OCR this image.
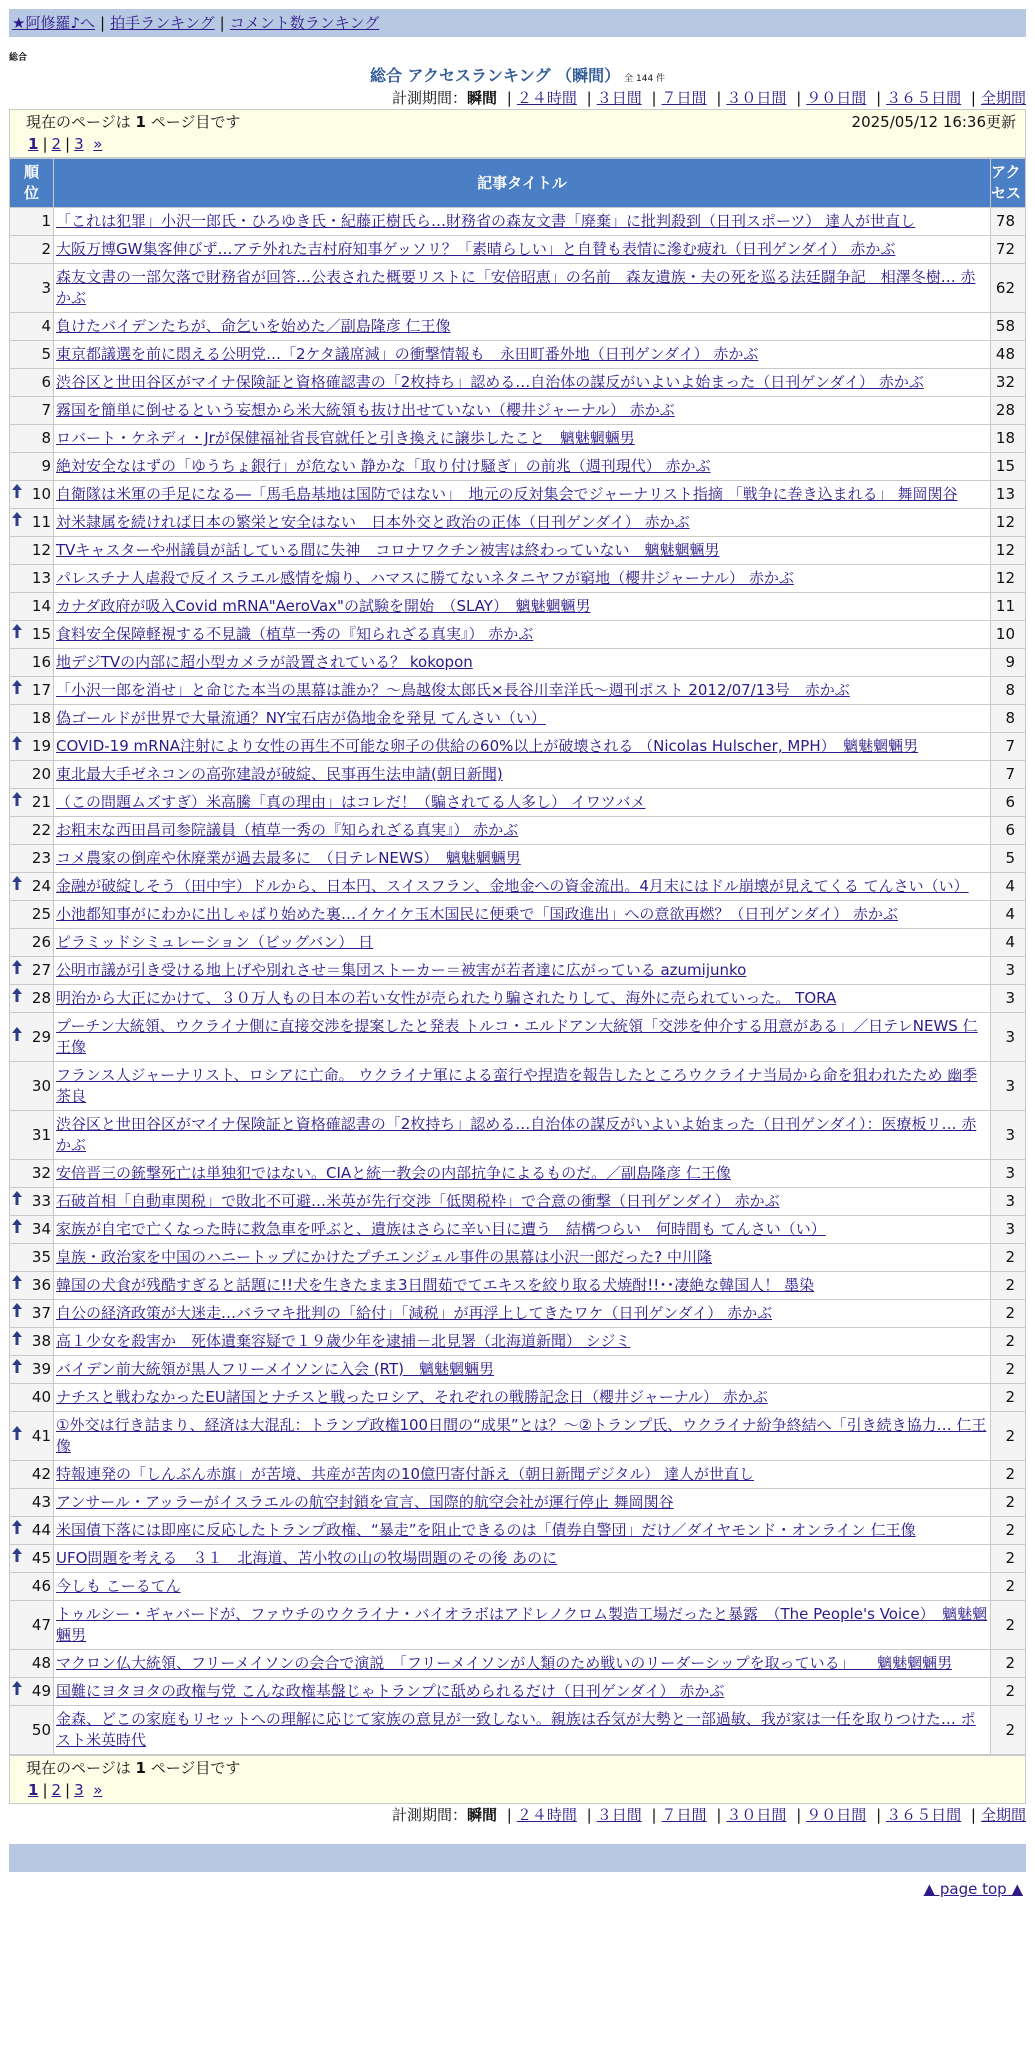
★阿修羅♪へ | 拍手ランキング | コメント数ランキング
総合
総合 アクセスランキング （瞬間） 全 144 件
計測期間：瞬間 | ２４時間 | ３日間 | ７日間 | ３０日間 | ９０日間 | ３６５日間 | 全期間
現在のページは 1 ページ目です	2025/05/12 16:36更新
1 | 2 | 3 »
順位	記事タイトル	アクセス
1	「これは犯罪」小沢一郎氏・ひろゆき氏・紀藤正樹氏ら…財務省の森友文書「廃棄」に批判殺到（日刊スポーツ） 達人が世直し	78
2	大阪万博GW集客伸びず…アテ外れた吉村府知事ゲッソリ？「素晴らしい」と自賛も表情に滲む疲れ（日刊ゲンダイ） 赤かぶ	72
3	森友文書の一部欠落で財務省が回答…公表された概要リストに「安倍昭恵」の名前　森友遺族・夫の死を巡る法廷闘争記　相澤冬樹… 赤かぶ	62
4	負けたバイデンたちが、命乞いを始めた／副島隆彦 仁王像	58
5	東京都議選を前に悶える公明党…「2ケタ議席減」の衝撃情報も　永田町番外地（日刊ゲンダイ） 赤かぶ	48
6	渋谷区と世田谷区がマイナ保険証と資格確認書の「2枚持ち」認める…自治体の謀反がいよいよ始まった（日刊ゲンダイ） 赤かぶ	32
7	霧国を簡単に倒せるという妄想から米大統領も抜け出せていない（櫻井ジャーナル） 赤かぶ	28
8	ロバート・ケネディ・Jrが保健福祉省長官就任と引き換えに譲歩したこと　魑魅魍魎男	18
9	絶対安全なはずの「ゆうちょ銀行」が危ない 静かな「取り付け騒ぎ」の前兆（週刊現代） 赤かぶ	15

10	自衛隊は米軍の手足になる―「馬毛島基地は国防ではない」　地元の反対集会でジャーナリスト指摘 「戦争に巻き込まれる」 舞岡関谷	13

11	対米隷属を続ければ日本の繁栄と安全はない　日本外交と政治の正体（日刊ゲンダイ） 赤かぶ	12
12	TVキャスターや州議員が話している間に失神　コロナワクチン被害は終わっていない　魑魅魍魎男	12
13	パレスチナ人虐殺で反イスラエル感情を煽り、ハマスに勝てないネタニヤフが窮地（櫻井ジャーナル） 赤かぶ	12
14	カナダ政府が吸入Covid mRNA"AeroVax"の試験を開始　（SLAY）　魑魅魍魎男	11

15	食料安全保障軽視する不見識（植草一秀の『知られざる真実』） 赤かぶ	10
16	地デジTVの内部に超小型カメラが設置されている？ kokopon	9

17	「小沢一郎を消せ」と命じた本当の黒幕は誰か？～鳥越俊太郎氏×長谷川幸洋氏～週刊ポスト 2012/07/13号　赤かぶ	8
18	偽ゴールドが世界で大量流通？NY宝石店が偽地金を発見 てんさい（い）	8

19	COVID-19 mRNA注射により女性の再生不可能な卵子の供給の60%以上が破壊される （Nicolas Hulscher, MPH）　魑魅魍魎男	7
20	東北最大手ゼネコンの高弥建設が破綻、民事再生法申請(朝日新聞)	7

21	（この問題ムズすぎ）米高騰「真の理由」はコレだ！（騙されてる人多し） イワツバメ	6
22	お粗末な西田昌司参院議員（植草一秀の『知られざる真実』） 赤かぶ	6
23	コメ農家の倒産や休廃業が過去最多に　（日テレNEWS）　魑魅魍魎男	5

24	金融が破綻しそう（田中宇）ドルから、日本円、スイスフラン、金地金への資金流出。4月末にはドル崩壊が見えてくる てんさい（い）	4
25	小池都知事がにわかに出しゃばり始めた裏…イケイケ玉木国民に便乗で「国政進出」への意欲再燃？（日刊ゲンダイ） 赤かぶ	4
26	ピラミッドシミュレーション（ビッグバン） 日	4

27	公明市議が引き受ける地上げや別れさせ＝集団ストーカー＝被害が若者達に広がっている azumijunko	3

28	明治から大正にかけて、３０万人もの日本の若い女性が売られたり騙されたりして、海外に売られていった。 TORA	3

29	プーチン大統領、ウクライナ側に直接交渉を提案したと発表 トルコ・エルドアン大統領「交渉を仲介する用意がある」／日テレNEWS 仁王像	3
30	フランス人ジャーナリスト、ロシアに亡命。 ウクライナ軍による蛮行や捏造を報告したところウクライナ当局から命を狙われたため 幽季 茶良	3
31	渋谷区と世田谷区がマイナ保険証と資格確認書の「2枚持ち」認める…自治体の謀反がいよいよ始まった（日刊ゲンダイ）：医療板リ… 赤かぶ	3
32	安倍晋三の銃撃死亡は単独犯ではない。CIAと統一教会の内部抗争によるものだ。／副島隆彦 仁王像	3

33	石破首相「自動車関税」で敗北不可避…米英が先行交渉「低関税枠」で合意の衝撃（日刊ゲンダイ） 赤かぶ	3

34	家族が自宅で亡くなった時に救急車を呼ぶと、遺族はさらに辛い目に遭う　結構つらい　何時間も てんさい（い）	3
35	皇族・政治家を中国のハニートップにかけたプチエンジェル事件の黒幕は小沢一郎だった? 中川隆	2

36	韓国の犬食が残酷すぎると話題に!!犬を生きたまま3日間茹でてエキスを絞り取る犬焼酎!!･･凄絶な韓国人！ 墨染	2

37	自公の経済政策が大迷走…バラマキ批判の「給付」「減税」が再浮上してきたワケ（日刊ゲンダイ） 赤かぶ	2

38	高１少女を殺害か　死体遺棄容疑で１９歳少年を逮捕－北見署（北海道新聞） シジミ	2

39	バイデン前大統領が黒人フリーメイソンに入会 (RT)　魑魅魍魎男	2
40	ナチスと戦わなかったEU諸国とナチスと戦ったロシア、それぞれの戦勝記念日（櫻井ジャーナル） 赤かぶ	2

41	①外交は行き詰まり、経済は大混乱：トランプ政権100日間の“成果”とは？～②トランプ氏、ウクライナ紛争終結へ「引き続き協力… 仁王像	2
42	特報連発の「しんぶん赤旗」が苦境、共産が苦肉の10億円寄付訴え（朝日新聞デジタル） 達人が世直し	2
43	アンサール・アッラーがイスラエルの航空封鎖を宣言、国際的航空会社が運行停止 舞岡関谷	2

44	米国債下落には即座に反応したトランプ政権、“暴走”を阻止できるのは「債券自警団」だけ／ダイヤモンド・オンライン 仁王像	2

45	UFO問題を考える　３１　北海道、苫小牧の山の牧場問題のその後 あのに	2
46	今しも こーるてん	2
47	トゥルシー・ギャバードが、ファウチのウクライナ・バイオラボはアドレノクロム製造工場だったと暴露　（The People's Voice）　魑魅魍魎男	2
48	マクロン仏大統領、フリーメイソンの会合で演説　「フリーメイソンが人類のため戦いのリーダーシップを取っている」　　魑魅魍魎男	2

49	国難にヨタヨタの政権与党 こんな政権基盤じゃトランプに舐められるだけ（日刊ゲンダイ） 赤かぶ	2
50	金森、どこの家庭もリセットへの理解に応じて家族の意見が一致しない。親族は呑気が大勢と一部過敏、我が家は一任を取りつけた… ポスト米英時代	2
現在のページは 1 ページ目です
1 | 2 | 3 »
計測期間：瞬間 | ２４時間 | ３日間 | ７日間 | ３０日間 | ９０日間 | ３６５日間 | 全期間
▲ page top ▲
